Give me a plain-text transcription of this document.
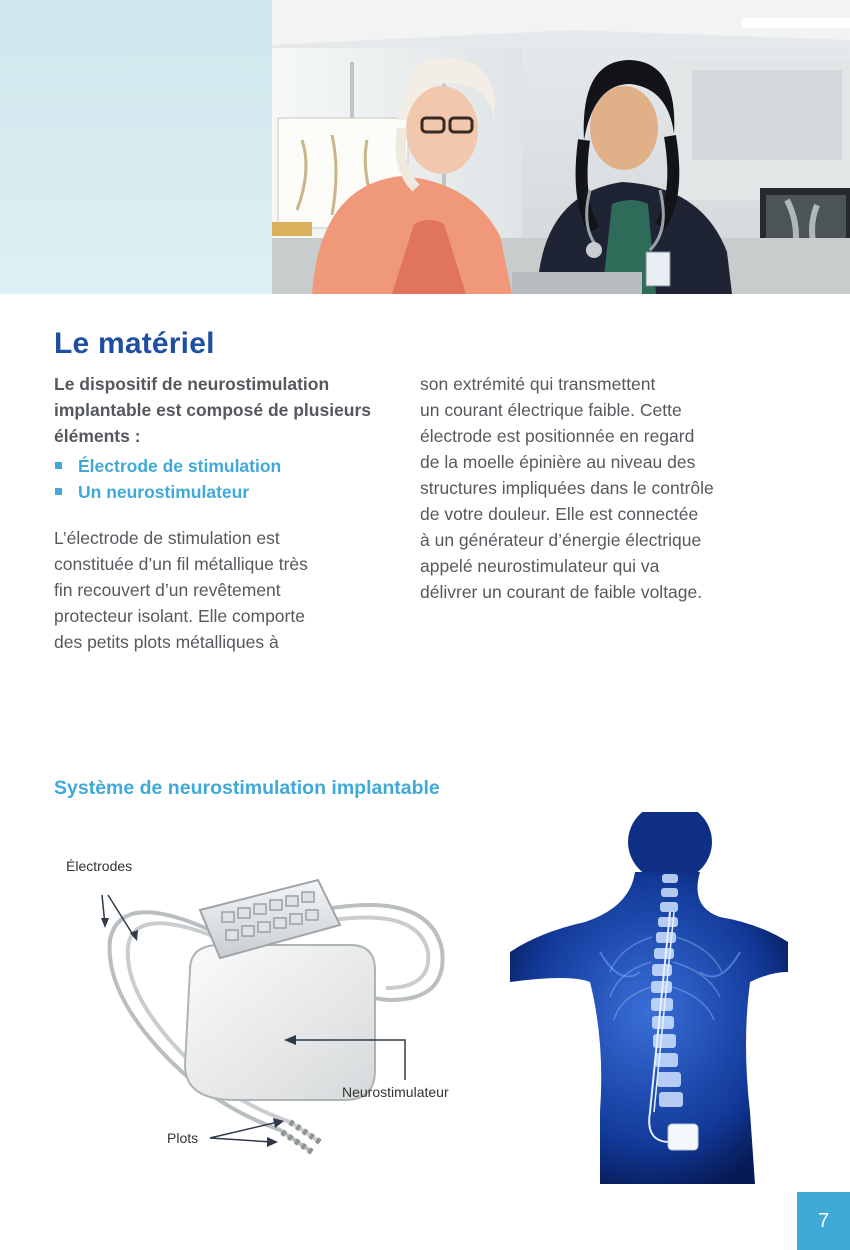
Le matériel

Le dispositif de neurostimulation implantable est composé de plusieurs éléments :

Électrode de stimulation
Un neurostimulateur

L’électrode de stimulation est
constituée d’un fil métallique très
fin recouvert d’un revêtement
protecteur isolant. Elle comporte
des petits plots métalliques à

son extrémité qui transmettent
un courant électrique faible. Cette
électrode est positionnée en regard
de la moelle épinière au niveau des
structures impliquées dans le contrôle
de votre douleur. Elle est connectée
à un générateur d’énergie électrique
appelé neurostimulateur qui va
délivrer un courant de faible voltage.

Système de neurostimulation implantable
Électrodes
Neurostimulateur
Plots
7
